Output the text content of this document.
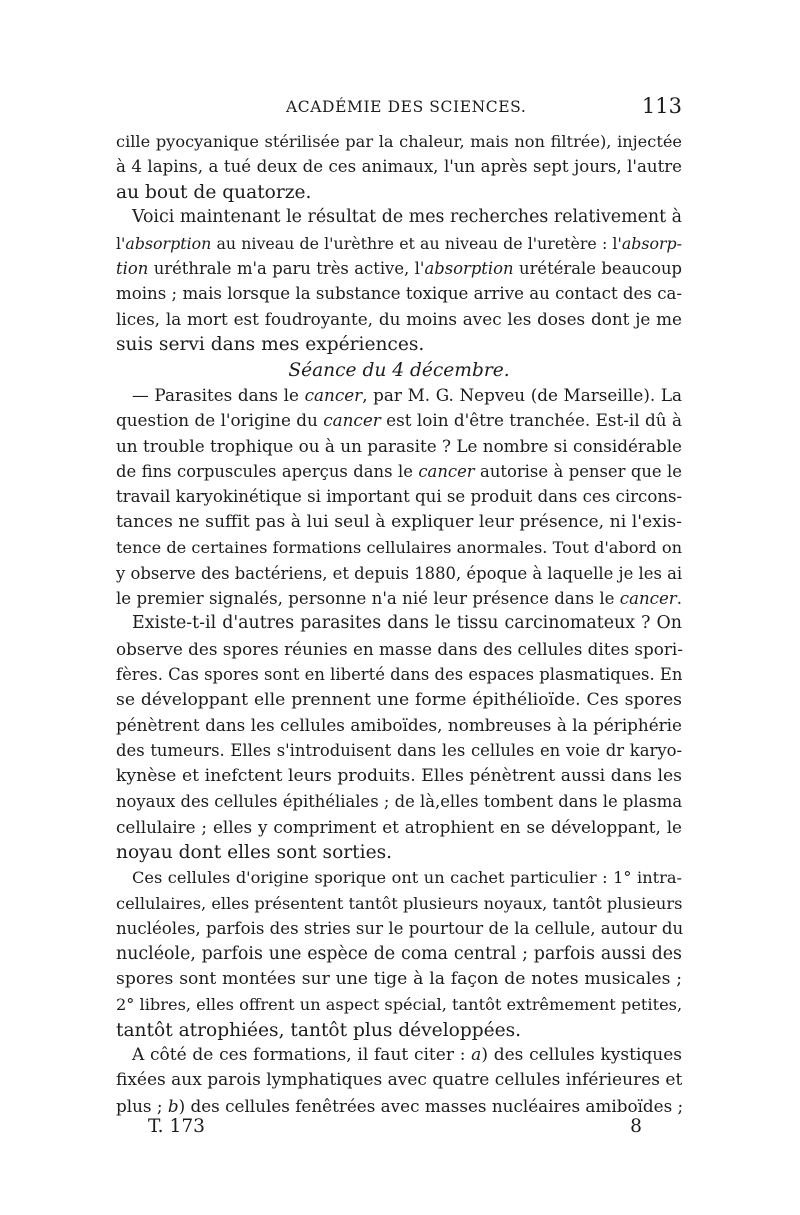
ACADÉMIE DES SCIENCES.	113
cille pyocyanique stérilisée par la chaleur, mais non filtrée), injectée
à 4 lapins, a tué deux de ces animaux, l'un après sept jours, l'autre
au bout de quatorze.
Voici maintenant le résultat de mes recherches relativement à
l'absorption au niveau de l'urèthre et au niveau de l'uretère : l'absorp-
tion uréthrale m'a paru très active, l'absorption urétérale beaucoup
moins ; mais lorsque la substance toxique arrive au contact des ca-
lices, la mort est foudroyante, du moins avec les doses dont je me
suis servi dans mes expériences.
Séance du 4 décembre.
— Parasites dans le cancer, par M. G. Nepveu (de Marseille). La
question de l'origine du cancer est loin d'être tranchée. Est-il dû à
un trouble trophique ou à un parasite ? Le nombre si considérable
de fins corpuscules aperçus dans le cancer autorise à penser que le
travail karyokinétique si important qui se produit dans ces circons-
tances ne suffit pas à lui seul à expliquer leur présence, ni l'exis-
tence de certaines formations cellulaires anormales. Tout d'abord on
y observe des bactériens, et depuis 1880, époque à laquelle je les ai
le premier signalés, personne n'a nié leur présence dans le cancer.
Existe-t-il d'autres parasites dans le tissu carcinomateux ? On
observe des spores réunies en masse dans des cellules dites spori-
fères. Cas spores sont en liberté dans des espaces plasmatiques. En
se développant elle prennent une forme épithélioïde. Ces spores
pénètrent dans les cellules amiboïdes, nombreuses à la périphérie
des tumeurs. Elles s'introduisent dans les cellules en voie dr karyo-
kynèse et inefctent leurs produits. Elles pénètrent aussi dans les
noyaux des cellules épithéliales ; de là,elles tombent dans le plasma
cellulaire ; elles y compriment et atrophient en se développant, le
noyau dont elles sont sorties.
Ces cellules d'origine sporique ont un cachet particulier : 1° intra-
cellulaires, elles présentent tantôt plusieurs noyaux, tantôt plusieurs
nucléoles, parfois des stries sur le pourtour de la cellule, autour du
nucléole, parfois une espèce de coma central ; parfois aussi des
spores sont montées sur une tige à la façon de notes musicales ;
2° libres, elles offrent un aspect spécial, tantôt extrêmement petites,
tantôt atrophiées, tantôt plus développées.
A côté de ces formations, il faut citer : a) des cellules kystiques
fixées aux parois lymphatiques avec quatre cellules inférieures et
plus ; b) des cellules fenêtrées avec masses nucléaires amiboïdes ;
T. 173	8
